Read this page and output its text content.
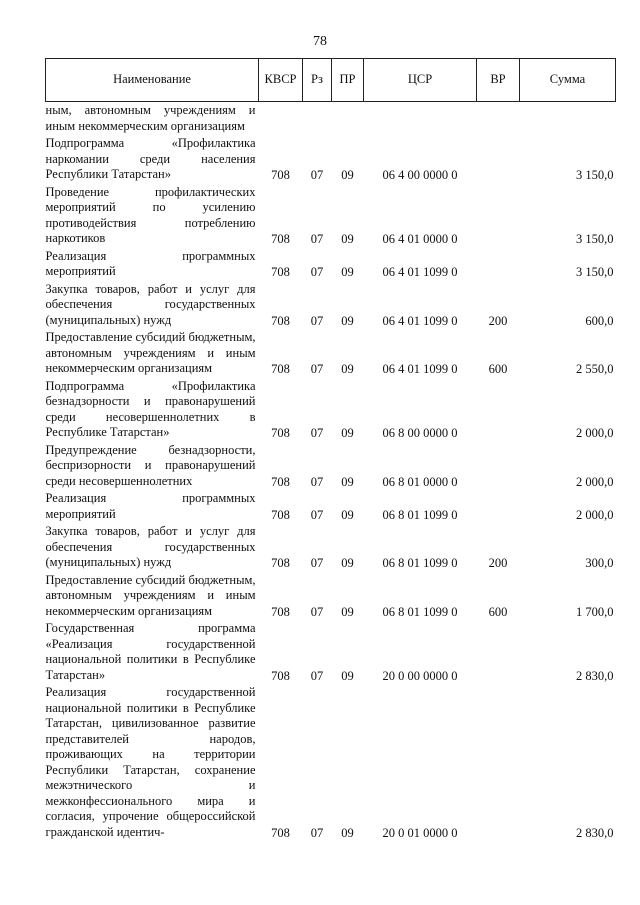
78
Наименование	КВСР	Рз	ПР	ЦСР	ВР	Сумма
ным, автономным учреждениям и иным некоммерческим организациям						
Подпрограмма «Профилактика наркомании среди населения Республики Татарстан»	708	07	09	06 4 00 0000 0		3 150,0
Проведение профилактических мероприятий по усилению противодействия потреблению наркотиков	708	07	09	06 4 01 0000 0		3 150,0
Реализация программных мероприятий	708	07	09	06 4 01 1099 0		3 150,0
Закупка товаров, работ и услуг для обеспечения государственных (муниципальных) нужд	708	07	09	06 4 01 1099 0	200	600,0
Предоставление субсидий бюджетным, автономным учреждениям и иным некоммерческим организациям	708	07	09	06 4 01 1099 0	600	2 550,0
Подпрограмма «Профилактика безнадзорности и правонарушений среди несовершеннолетних в Республике Татарстан»	708	07	09	06 8 00 0000 0		2 000,0
Предупреждение безнадзорности, беспризорности и правонарушений среди несовершеннолетних	708	07	09	06 8 01 0000 0		2 000,0
Реализация программных мероприятий	708	07	09	06 8 01 1099 0		2 000,0
Закупка товаров, работ и услуг для обеспечения государственных (муниципальных) нужд	708	07	09	06 8 01 1099 0	200	300,0
Предоставление субсидий бюджетным, автономным учреждениям и иным некоммерческим организациям	708	07	09	06 8 01 1099 0	600	1 700,0
Государственная программа «Реализация государственной национальной политики в Республике Татарстан»	708	07	09	20 0 00 0000 0		2 830,0
Реализация государственной национальной политики в Республике Татарстан, цивилизованное развитие представителей народов, проживающих на территории Республики Татарстан, сохранение межэтнического и межконфессионального мира и согласия, упрочение общероссийской гражданской идентич-	708	07	09	20 0 01 0000 0		2 830,0
